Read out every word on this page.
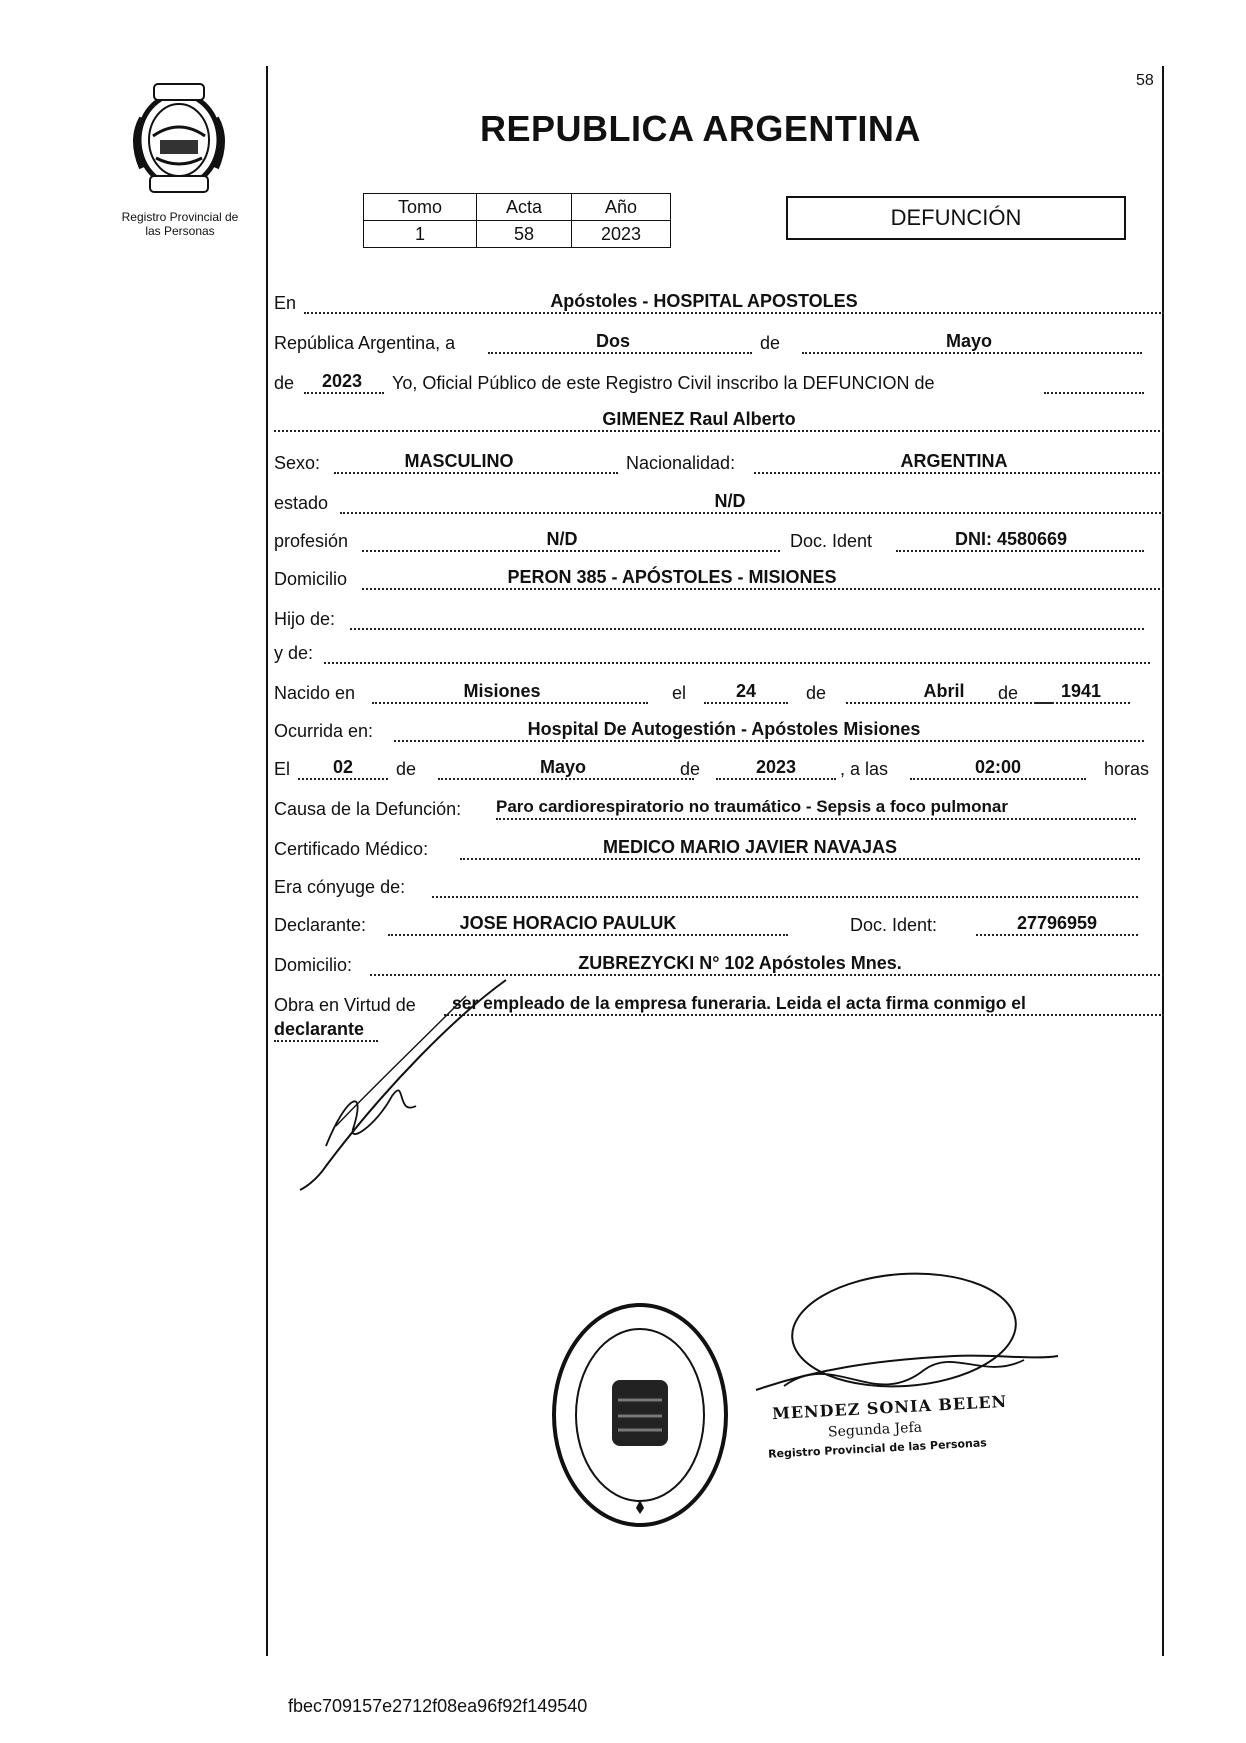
Registro Provincial de
las Personas
58
REPUBLICA ARGENTINA
Tomo	Acta	Año
1	58	2023
DEFUNCIÓN
En	Apóstoles - HOSPITAL APOSTOLES
República Argentina, a	Dos	de	Mayo
de	2023	Yo, Oficial Público de este Registro Civil inscribo la DEFUNCION de
GIMENEZ Raul Alberto
Sexo:	MASCULINO	Nacionalidad:	ARGENTINA
estado	N/D
profesión	N/D	Doc. Ident	DNI: 4580669
Domicilio	PERON 385 - APÓSTOLES - MISIONES
Hijo de:
y de:
Nacido en	Misiones	el	24	de	Abril	de	1941
Ocurrida en:	Hospital De Autogestión - Apóstoles Misiones
El	02	de	Mayo	de	2023	, a las	02:00	horas
Causa de la Defunción: Paro cardiorespiratorio no traumático - Sepsis a foco pulmonar
Certificado Médico:	MEDICO MARIO JAVIER NAVAJAS
Era cónyuge de:
Declarante:	JOSE HORACIO PAULUK	Doc. Ident:	27796959
Domicilio:	ZUBREZYCKI N° 102 Apóstoles Mnes.
Obra en Virtud de ser empleado de la empresa funeraria. Leida el acta firma conmigo el
declarante
MENDEZ SONIA BELEN
Segunda Jefa
Registro Provincial de las Personas
fbec709157e2712f08ea96f92f149540
